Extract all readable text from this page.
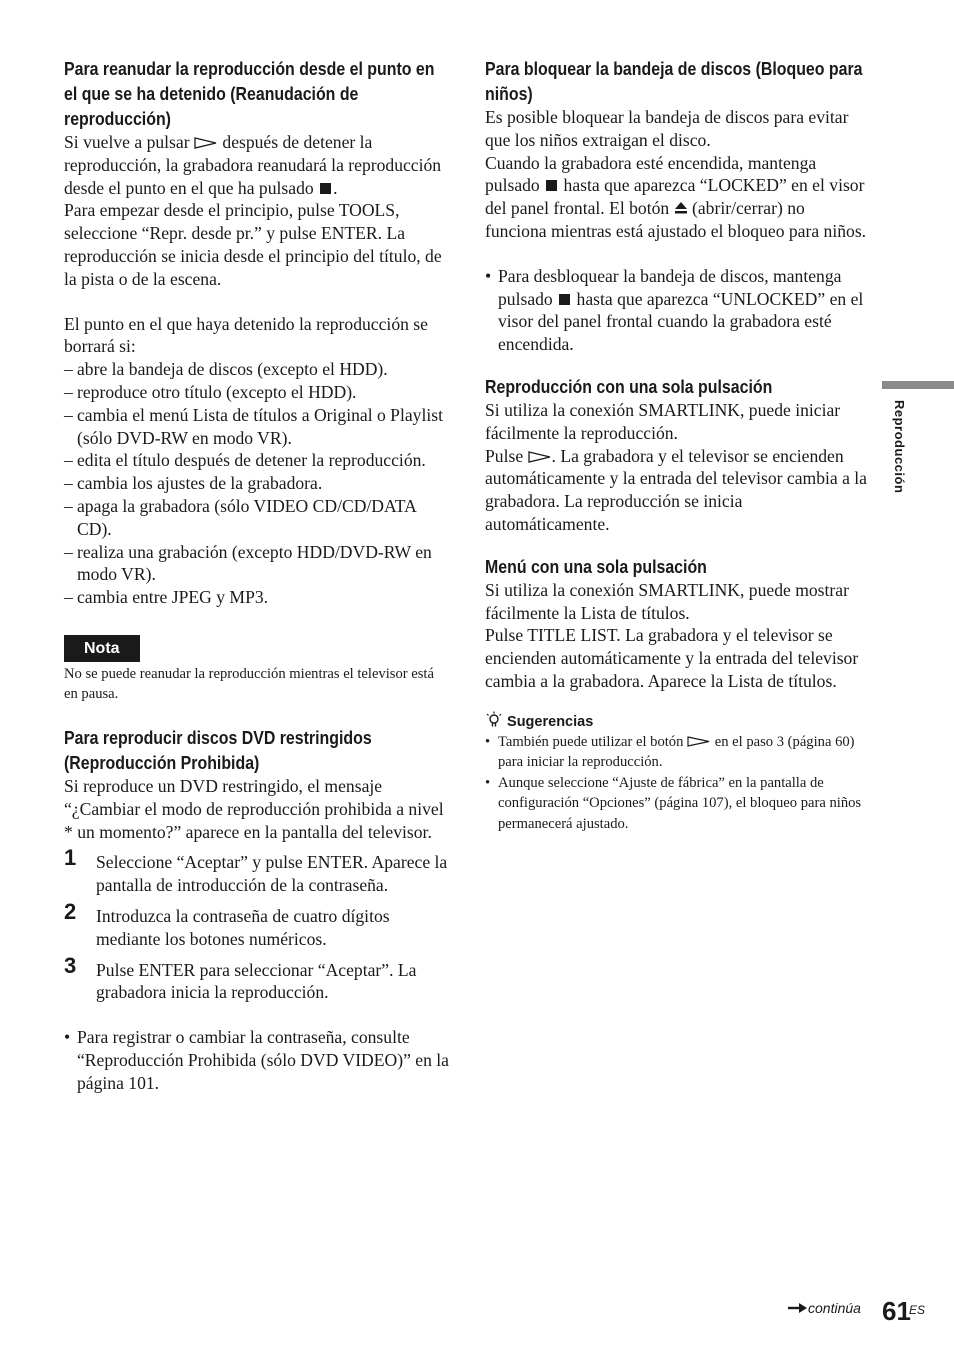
Para reanudar la reproducción desde el punto en el que se ha detenido (Reanudación de reproducción)

Si vuelve a pulsar después de detener la reproducción, la grabadora reanudará la reproducción desde el punto en el que ha pulsado .

Para empezar desde el principio, pulse TOOLS, seleccione “Repr. desde pr.” y pulse ENTER. La reproducción se inicia desde el principio del título, de la pista o de la escena.

El punto en el que haya detenido la reproducción se borrará si:

– abre la bandeja de discos (excepto el HDD).
– reproduce otro título (excepto el HDD).
– cambia el menú Lista de títulos a Original o Playlist (sólo DVD-RW en modo VR).
– edita el título después de detener la reproducción.
– cambia los ajustes de la grabadora.
– apaga la grabadora (sólo VIDEO CD/CD/DATA CD).
– realiza una grabación (excepto HDD/DVD-RW en modo VR).
– cambia entre JPEG y MP3.
Nota

No se puede reanudar la reproducción mientras el televisor está en pausa.

Para reproducir discos DVD restringidos (Reproducción Prohibida)

Si reproduce un DVD restringido, el mensaje “¿Cambiar el modo de reproducción prohibida a nivel * un momento?” aparece en la pantalla del televisor.

1 Seleccione “Aceptar” y pulse ENTER. Aparece la pantalla de introducción de la contraseña.
2 Introduzca la contraseña de cuatro dígitos mediante los botones numéricos.
3 Pulse ENTER para seleccionar “Aceptar”. La grabadora inicia la reproducción.
• Para registrar o cambiar la contraseña, consulte “Reproducción Prohibida (sólo DVD VIDEO)” en la página 101.
Para bloquear la bandeja de discos (Bloqueo para niños)

Es posible bloquear la bandeja de discos para evitar que los niños extraigan el disco.

Cuando la grabadora esté encendida, mantenga pulsado hasta que aparezca “LOCKED” en el visor del panel frontal. El botón (abrir/cerrar) no funciona mientras está ajustado el bloqueo para niños.

• Para desbloquear la bandeja de discos, mantenga pulsado hasta que aparezca “UNLOCKED” en el visor del panel frontal cuando la grabadora esté encendida.
Reproducción con una sola pulsación

Si utiliza la conexión SMARTLINK, puede iniciar fácilmente la reproducción.

Pulse . La grabadora y el televisor se encienden automáticamente y la entrada del televisor cambia a la grabadora. La reproducción se inicia automáticamente.

Menú con una sola pulsación

Si utiliza la conexión SMARTLINK, puede mostrar fácilmente la Lista de títulos.

Pulse TITLE LIST. La grabadora y el televisor se encienden automáticamente y la entrada del televisor cambia a la grabadora. Aparece la Lista de títulos.

Sugerencias
• También puede utilizar el botón en el paso 3 (página 60) para iniciar la reproducción.
• Aunque seleccione “Ajuste de fábrica” en la pantalla de configuración “Opciones” (página 107), el bloqueo para niños permanecerá ajustado.
Reproducción
continúa 61
ES
